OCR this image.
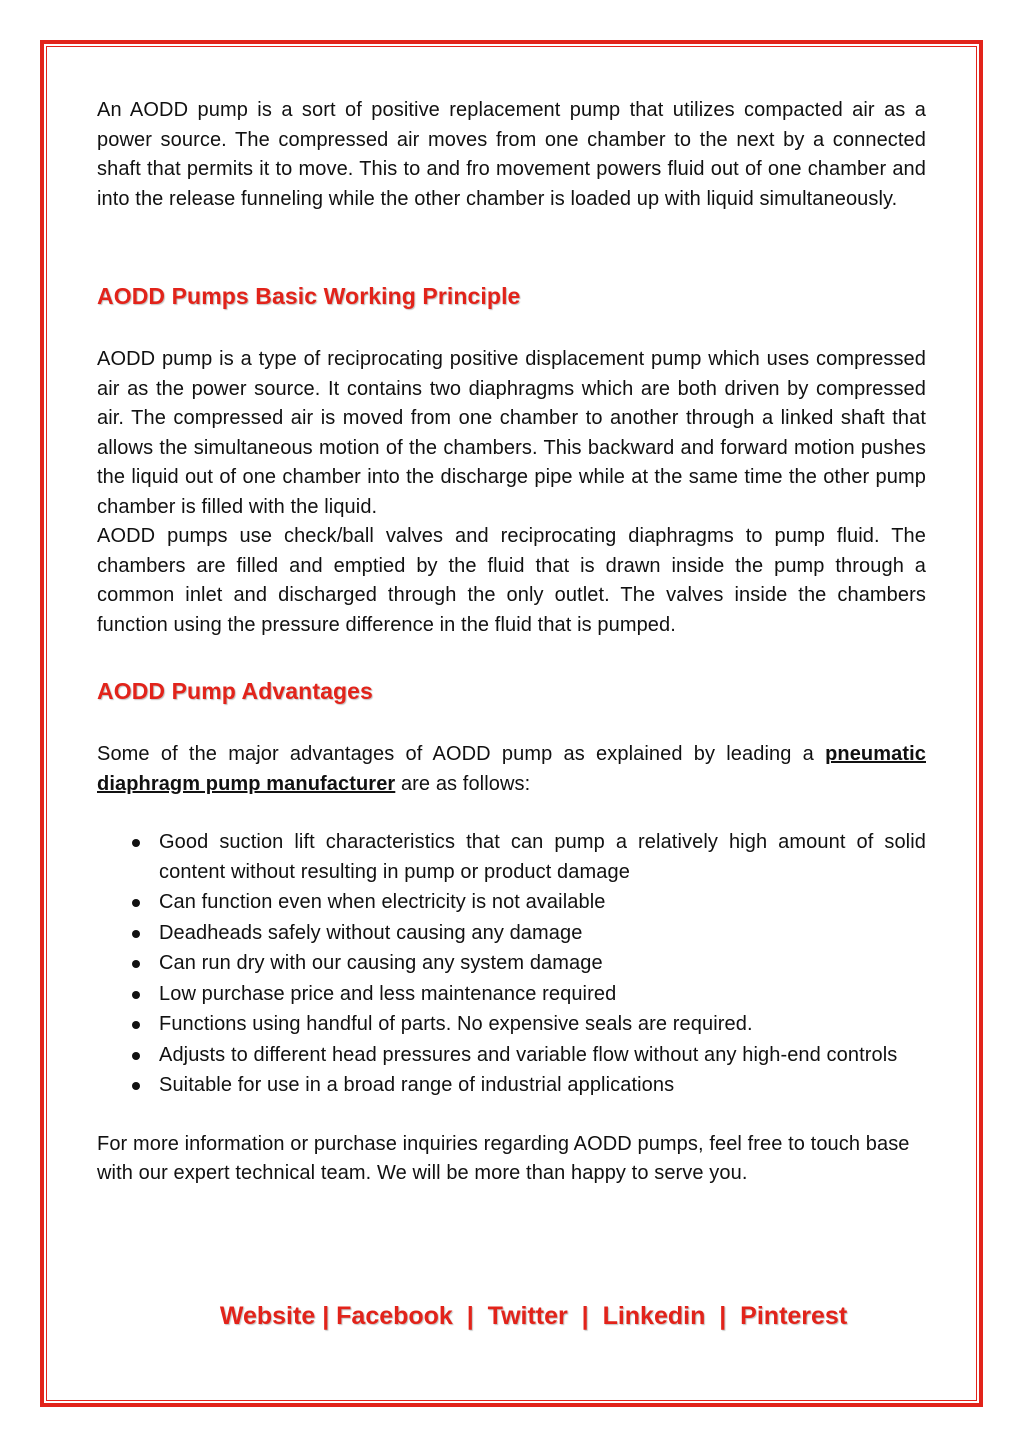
An AODD pump is a sort of positive replacement pump that utilizes compacted air as a power source. The compressed air moves from one chamber to the next by a connected shaft that permits it to move. This to and fro movement powers fluid out of one chamber and into the release funneling while the other chamber is loaded up with liquid simultaneously.

AODD Pumps Basic Working Principle

AODD pump is a type of reciprocating positive displacement pump which uses compressed air as the power source. It contains two diaphragms which are both driven by compressed air. The compressed air is moved from one chamber to another through a linked shaft that allows the simultaneous motion of the chambers. This backward and forward motion pushes the liquid out of one chamber into the discharge pipe while at the same time the other pump chamber is filled with the liquid.

AODD pumps use check/ball valves and reciprocating diaphragms to pump fluid. The chambers are filled and emptied by the fluid that is drawn inside the pump through a common inlet and discharged through the only outlet. The valves inside the chambers function using the pressure difference in the fluid that is pumped.

AODD Pump Advantages

Some of the major advantages of AODD pump as explained by leading a pneumatic diaphragm pump manufacturer are as follows:

Good suction lift characteristics that can pump a relatively high amount of solid content without resulting in pump or product damage
Can function even when electricity is not available
Deadheads safely without causing any damage
Can run dry with our causing any system damage
Low purchase price and less maintenance required
Functions using handful of parts. No expensive seals are required.
Adjusts to different head pressures and variable flow without any high-end controls
Suitable for use in a broad range of industrial applications

For more information or purchase inquiries regarding AODD pumps, feel free to touch base with our expert technical team. We will be more than happy to serve you.

Website | Facebook | Twitter | Linkedin | Pinterest
